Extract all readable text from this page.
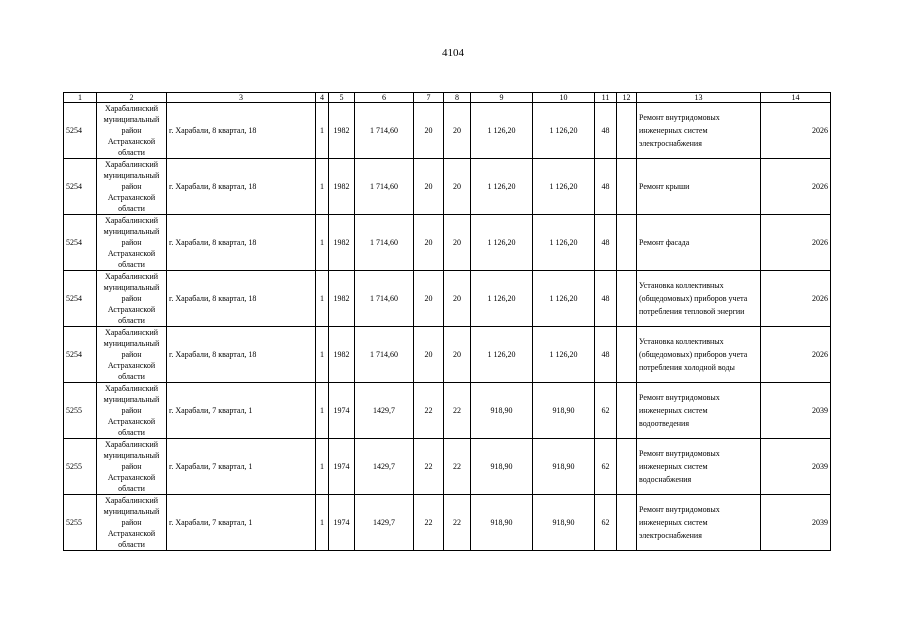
4104
1	2	3	4	5	6	7	8	9	10	11	12	13	14
5254	Харабалинский
муниципальный
район
Астраханской
области	г. Харабали, 8 квартал, 18	1	1982	1 714,60	20	20	1 126,20	1 126,20	48		Ремонт внутридомовых
инженерных систем
электроснабжения	2026
5254	Харабалинский
муниципальный
район
Астраханской
области	г. Харабали, 8 квартал, 18	1	1982	1 714,60	20	20	1 126,20	1 126,20	48		Ремонт крыши	2026
5254	Харабалинский
муниципальный
район
Астраханской
области	г. Харабали, 8 квартал, 18	1	1982	1 714,60	20	20	1 126,20	1 126,20	48		Ремонт фасада	2026
5254	Харабалинский
муниципальный
район
Астраханской
области	г. Харабали, 8 квартал, 18	1	1982	1 714,60	20	20	1 126,20	1 126,20	48		Установка коллективных
(общедомовых) приборов учета
потребления тепловой энергии	2026
5254	Харабалинский
муниципальный
район
Астраханской
области	г. Харабали, 8 квартал, 18	1	1982	1 714,60	20	20	1 126,20	1 126,20	48		Установка коллективных
(общедомовых) приборов учета
потребления холодной воды	2026
5255	Харабалинский
муниципальный
район
Астраханской
области	г. Харабали, 7 квартал, 1	1	1974	1429,7	22	22	918,90	918,90	62		Ремонт внутридомовых
инженерных систем
водоотведения	2039
5255	Харабалинский
муниципальный
район
Астраханской
области	г. Харабали, 7 квартал, 1	1	1974	1429,7	22	22	918,90	918,90	62		Ремонт внутридомовых
инженерных систем
водоснабжения	2039
5255	Харабалинский
муниципальный
район
Астраханской
области	г. Харабали, 7 квартал, 1	1	1974	1429,7	22	22	918,90	918,90	62		Ремонт внутридомовых
инженерных систем
электроснабжения	2039
